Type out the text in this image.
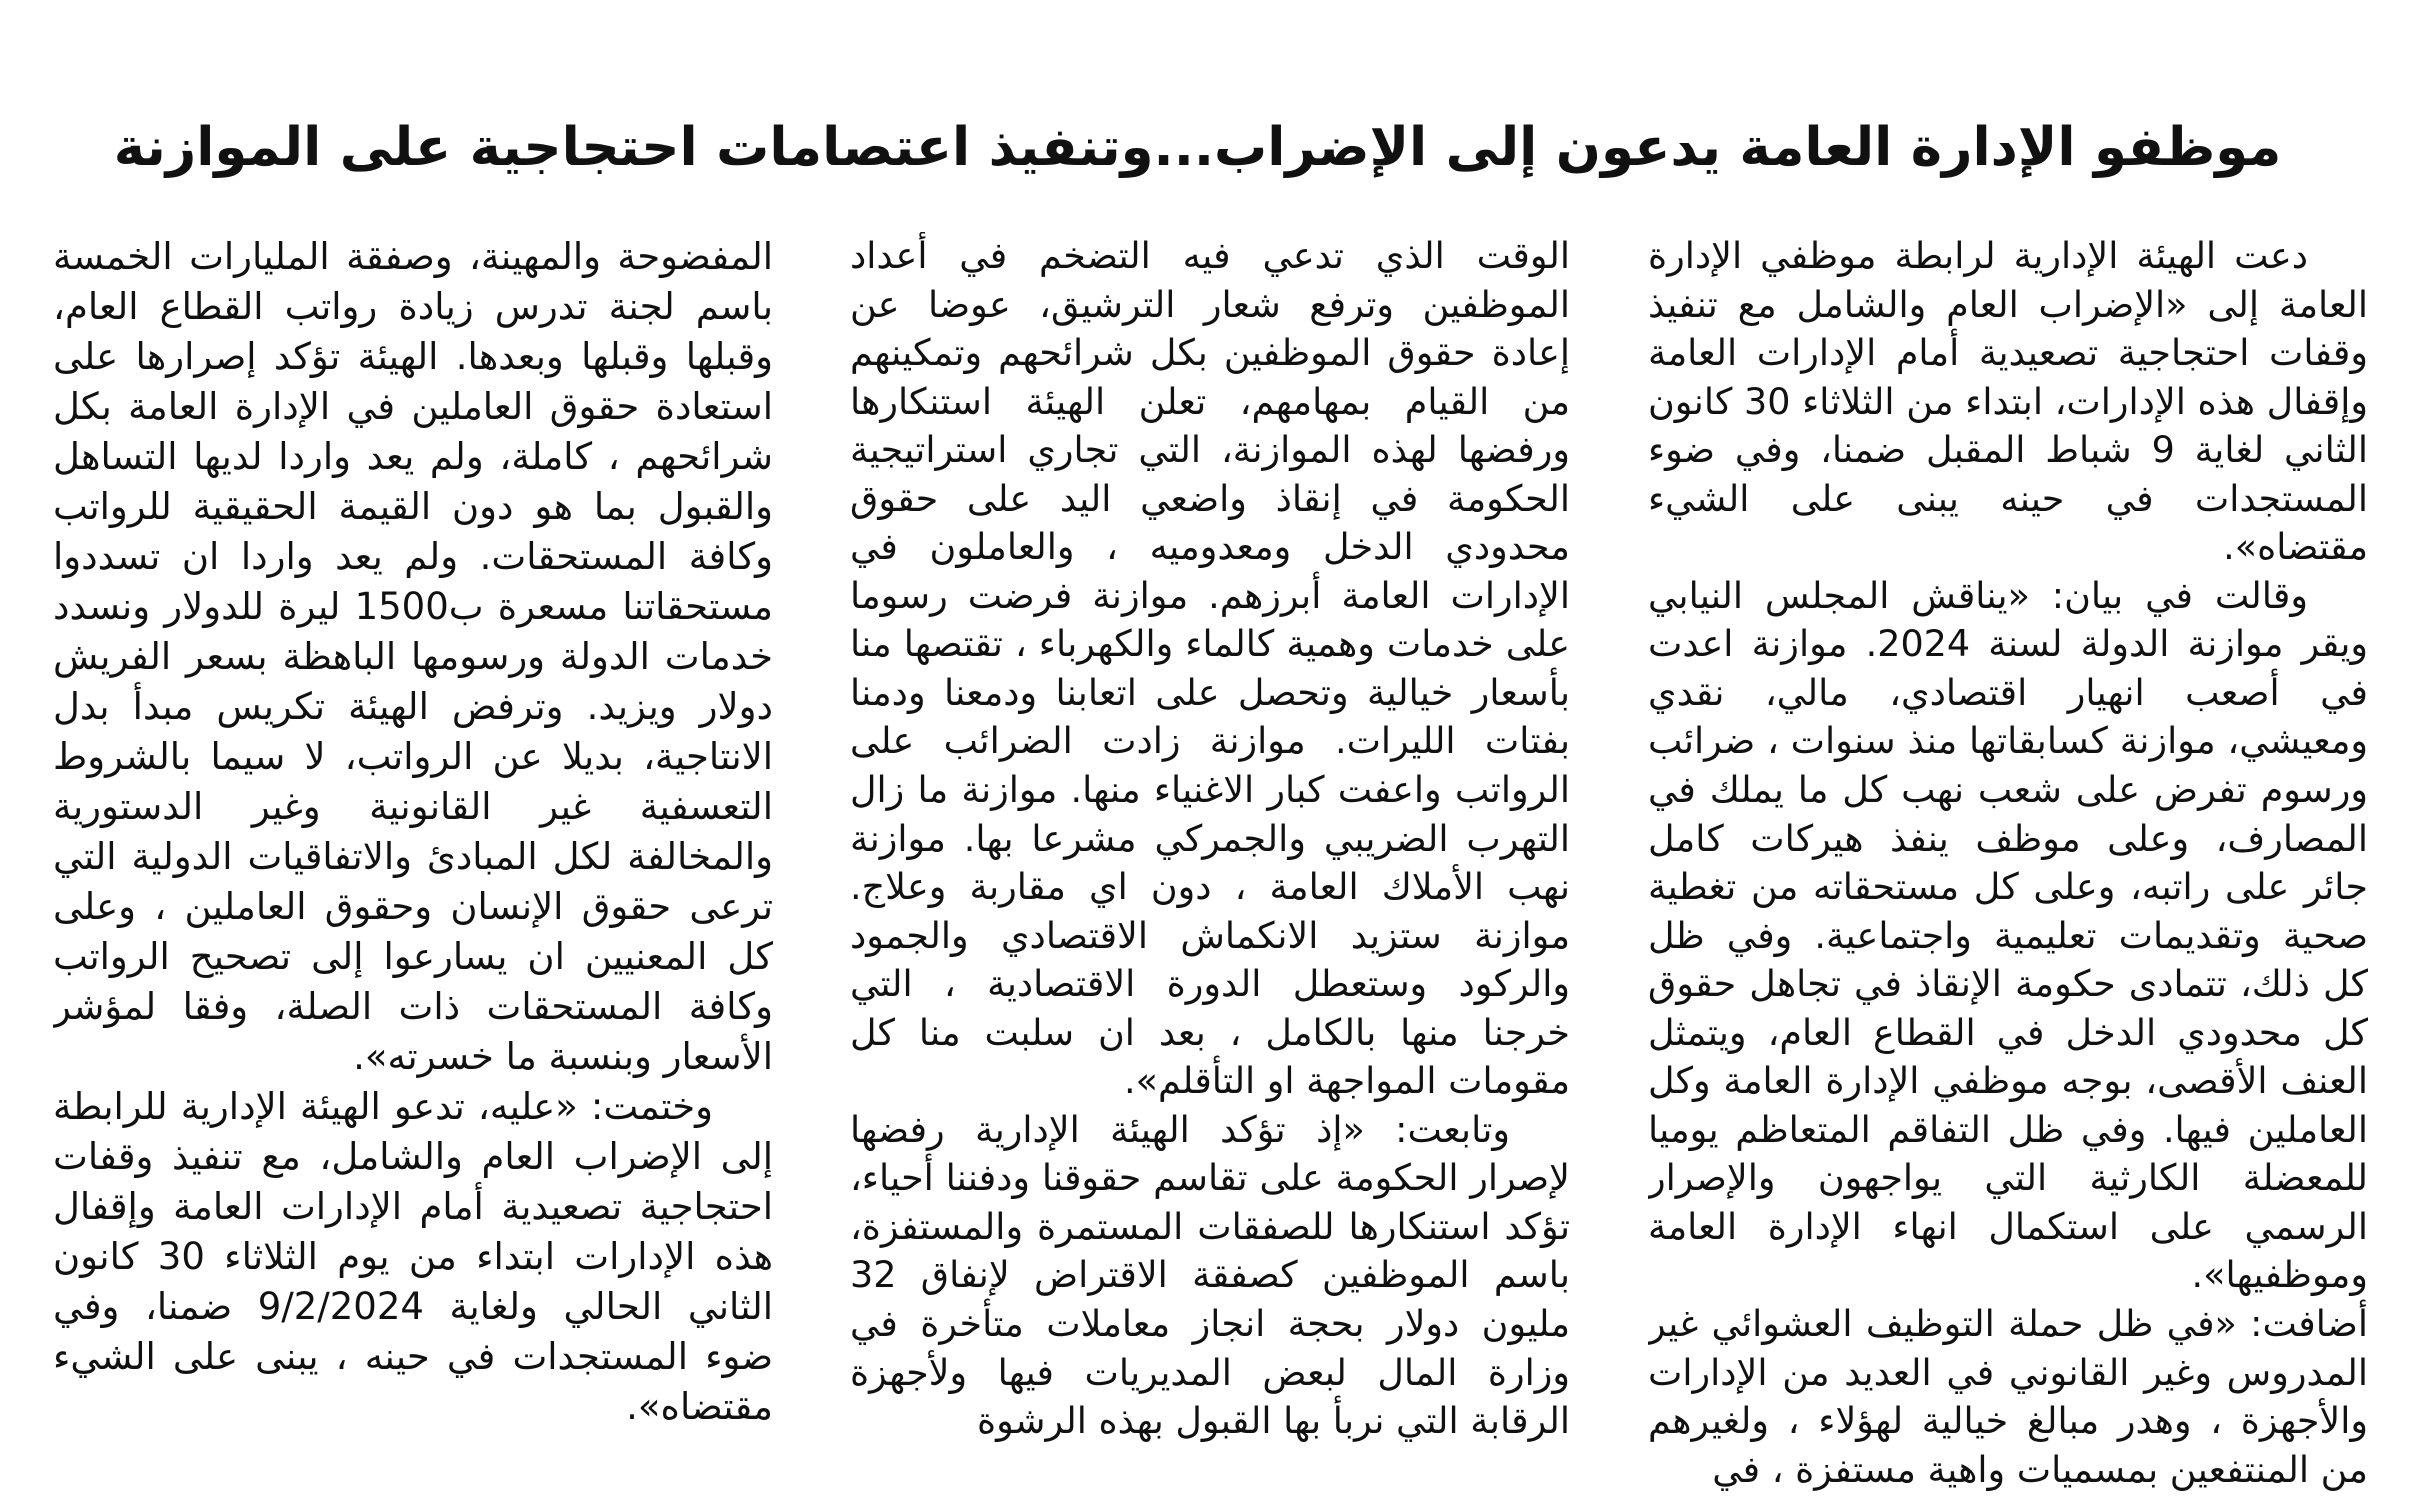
موظفو الإدارة العامة يدعون إلى الإضراب...وتنفيذ اعتصامات احتجاجية على الموازنة

دعت الهيئة الإدارية لرابطة موظفي الإدارة العامة إلى «الإضراب العام والشامل مع تنفيذ وقفات احتجاجية تصعيدية أمام الإدارات العامة وإقفال هذه الإدارات، ابتداء من الثلاثاء 30 كانون الثاني لغاية 9 شباط المقبل ضمنا، وفي ضوء المستجدات في حينه يبنى على الشيء مقتضاه».

وقالت في بيان: «يناقش المجلس النيابي ويقر موازنة الدولة لسنة 2024. موازنة اعدت في أصعب انهيار اقتصادي، مالي، نقدي ومعيشي، موازنة كسابقاتها منذ سنوات ، ضرائب ورسوم تفرض على شعب نهب كل ما يملك في المصارف، وعلى موظف ينفذ هيركات كامل جائر على راتبه، وعلى كل مستحقاته من تغطية صحية وتقديمات تعليمية واجتماعية. وفي ظل كل ذلك، تتمادى حكومة الإنقاذ في تجاهل حقوق كل محدودي الدخل في القطاع العام، ويتمثل العنف الأقصى، بوجه موظفي الإدارة العامة وكل العاملين فيها. وفي ظل التفاقم المتعاظم يوميا للمعضلة الكارثية التي يواجهون والإصرار الرسمي على استكمال انهاء الإدارة العامة وموظفيها».

أضافت: «في ظل حملة التوظيف العشوائي غير المدروس وغير القانوني في العديد من الإدارات والأجهزة ، وهدر مبالغ خيالية لهؤلاء ، ولغيرهم من المنتفعين بمسميات واهية مستفزة ، في

الوقت الذي تدعي فيه التضخم في أعداد الموظفين وترفع شعار الترشيق، عوضا عن إعادة حقوق الموظفين بكل شرائحهم وتمكينهم من القيام بمهامهم، تعلن الهيئة استنكارها ورفضها لهذه الموازنة، التي تجاري استراتيجية الحكومة في إنقاذ واضعي اليد على حقوق محدودي الدخل ومعدوميه ، والعاملون في الإدارات العامة أبرزهم. موازنة فرضت رسوما على خدمات وهمية كالماء والكهرباء ، تقتصها منا بأسعار خيالية وتحصل على اتعابنا ودمعنا ودمنا بفتات الليرات. موازنة زادت الضرائب على الرواتب واعفت كبار الاغنياء منها. موازنة ما زال التهرب الضريبي والجمركي مشرعا بها. موازنة نهب الأملاك العامة ، دون اي مقاربة وعلاج. موازنة ستزيد الانكماش الاقتصادي والجمود والركود وستعطل الدورة الاقتصادية ، التي خرجنا منها بالكامل ، بعد ان سلبت منا كل مقومات المواجهة او التأقلم».

وتابعت: «إذ تؤكد الهيئة الإدارية رفضها لإصرار الحكومة على تقاسم حقوقنا ودفننا أحياء، تؤكد استنكارها للصفقات المستمرة والمستفزة، باسم الموظفين كصفقة الاقتراض لإنفاق 32 مليون دولار بحجة انجاز معاملات متأخرة في وزارة المال لبعض المديريات فيها ولأجهزة الرقابة التي نربأ بها القبول بهذه الرشوة

المفضوحة والمهينة، وصفقة المليارات الخمسة باسم لجنة تدرس زيادة رواتب القطاع العام، وقبلها وقبلها وبعدها. الهيئة تؤكد إصرارها على استعادة حقوق العاملين في الإدارة العامة بكل شرائحهم ، كاملة، ولم يعد واردا لديها التساهل والقبول بما هو دون القيمة الحقيقية للرواتب وكافة المستحقات. ولم يعد واردا ان تسددوا مستحقاتنا مسعرة ب1500 ليرة للدولار ونسدد خدمات الدولة ورسومها الباهظة بسعر الفريش دولار ويزيد. وترفض الهيئة تكريس مبدأ بدل الانتاجية، بديلا عن الرواتب، لا سيما بالشروط التعسفية غير القانونية وغير الدستورية والمخالفة لكل المبادئ والاتفاقيات الدولية التي ترعى حقوق الإنسان وحقوق العاملين ، وعلى كل المعنيين ان يسارعوا إلى تصحيح الرواتب وكافة المستحقات ذات الصلة، وفقا لمؤشر الأسعار وبنسبة ما خسرته».

وختمت: «عليه، تدعو الهيئة الإدارية للرابطة إلى الإضراب العام والشامل، مع تنفيذ وقفات احتجاجية تصعيدية أمام الإدارات العامة وإقفال هذه الإدارات ابتداء من يوم الثلاثاء 30 كانون الثاني الحالي ولغاية 9/2/2024 ضمنا، وفي ضوء المستجدات في حينه ، يبنى على الشيء مقتضاه».
